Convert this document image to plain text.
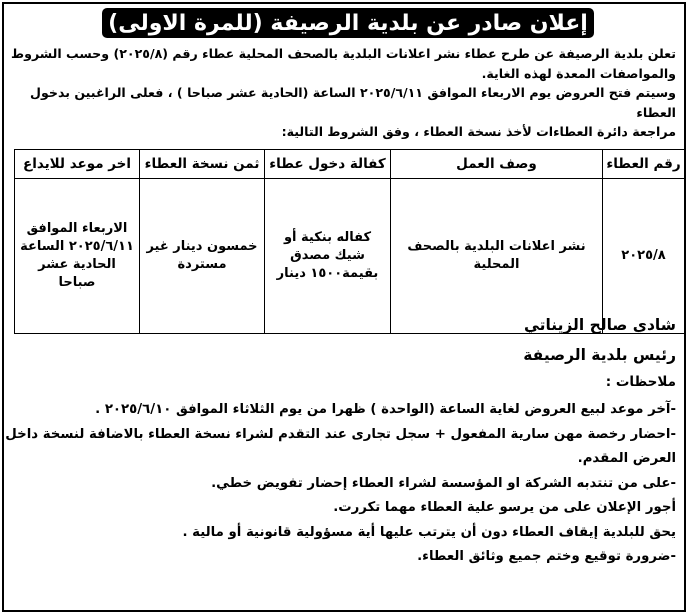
إعلان صادر عن بلدية الرصيفة (للمرة الاولى)

تعلن بلدية الرصيفة عن طرح عطاء نشر اعلانات البلدية بالصحف المحلية عطاء رقم (٢٠٢٥/٨) وحسب الشروط

والمواصفات المعدة لهذه الغاية.

وسيتم فتح العروض يوم الاربعاء الموافق ٢٠٢٥/٦/١١ الساعة (الحادية عشر صباحا ) ، فعلى الراغبين بدخول العطاء

مراجعة دائرة العطاءات لأخذ نسخة العطاء ، وفق الشروط التالية:

رقم العطاء	وصف العمل	كفالة دخول عطاء	ثمن نسخة العطاء	اخر موعد للايداع
٢٠٢٥/٨	نشر اعلانات البلدية بالصحف المحلية	كفاله بنكية أو شيك مصدق بقيمة١٥٠٠ دينار	خمسون دينار غير مستردة	الاربعاء الموافق ٢٠٢٥/٦/١١ الساعة الحادية عشر صباحا
شادي صالح الزيناتي
رئيس بلدية الرصيفة
ملاحظات :

-آخر موعد لبيع العروض لغاية الساعة (الواحدة ) ظهرا من يوم الثلاثاء الموافق ٢٠٢٥/٦/١٠ .

-احضار رخصة مهن سارية المفعول + سجل تجارى عند التقدم لشراء نسخة العطاء بالاضافة لنسخة داخل

العرض المقدم.

-على من تنتدبه الشركة او المؤسسة لشراء العطاء إحضار تفويض خطي.

أجور الإعلان على من يرسو علية العطاء مهما تكررت.

يحق للبلدية إيقاف العطاء دون أن يترتب عليها أية مسؤولية قانونية أو مالية .

-ضرورة توقيع وختم جميع وثائق العطاء.
